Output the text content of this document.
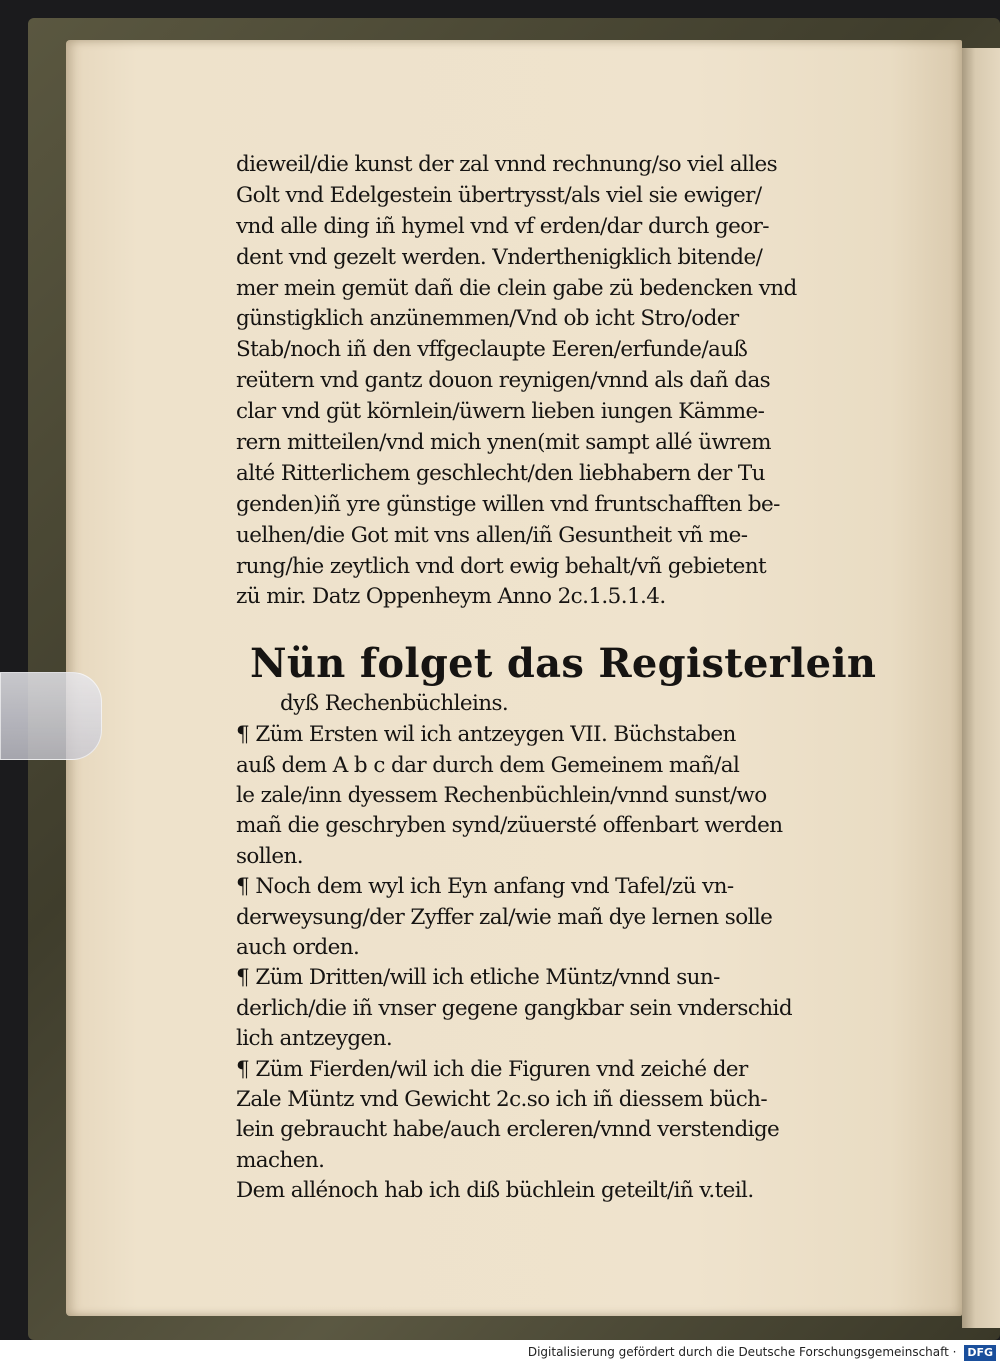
dieweil/die kunst der zal vnnd rechnung/so viel alles
Golt vnd Edelgestein übertrysst/als viel sie ewiger/
vnd alle ding iñ hymel vnd vf erden/dar durch geor-
dent vnd gezelt werden. Vnderthenigklich bitende/
mer mein gemüt dañ die clein gabe zü bedencken vnd
günstigklich anzünemmen/Vnd ob icht Stro/oder
Stab/noch iñ den vffgeclaupte Eeren/erfunde/auß
reütern vnd gantz douon reynigen/vnnd als dañ das
clar vnd güt körnlein/üwern lieben iungen Kämme-
rern mitteilen/vnd mich ynen(mit sampt allé üwrem
alté Ritterlichem geschlecht/den liebhabern der Tu
genden)iñ yre günstige willen vnd fruntschafften be-
uelhen/die Got mit vns allen/iñ Gesuntheit vñ me-
rung/hie zeytlich vnd dort ewig behalt/vñ gebietent
zü mir. Datz Oppenheym Anno 2c.1.5.1.4.
Nün folget das Registerlein
dyß Rechenbüchleins.
¶ Züm Ersten wil ich antzeygen VII. Büchstaben
auß dem A b c dar durch dem Gemeinem mañ/al
le zale/inn dyessem Rechenbüchlein/vnnd sunst/wo
mañ die geschryben synd/züuersté offenbart werden
sollen.
¶ Noch dem wyl ich Eyn anfang vnd Tafel/zü vn-
derweysung/der Zyffer zal/wie mañ dye lernen solle
auch orden.
¶ Züm Dritten/will ich etliche Müntz/vnnd sun-
derlich/die iñ vnser gegene gangkbar sein vnderschid
lich antzeygen.
¶ Züm Fierden/wil ich die Figuren vnd zeiché der
Zale Müntz vnd Gewicht 2c.so ich iñ diessem büch-
lein gebraucht habe/auch ercleren/vnnd verstendige
machen.
Dem allénoch hab ich diß büchlein geteilt/iñ v.teil.
Digitalisierung gefördert durch die Deutsche Forschungsgemeinschaft · DFG
